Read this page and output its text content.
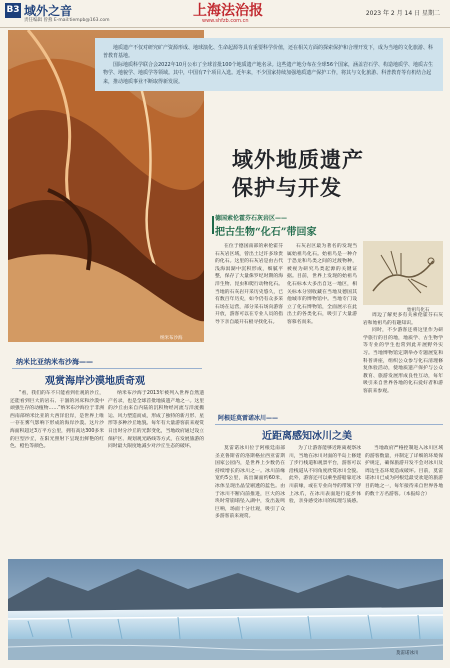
B3 域外之音
责任编辑 曾燕 E-mail:tiempb@163.com
上海法治报
www.shfzb.com.cn
2023 年 2 月 14 日 星期二
纳米布沙海

地质遗产不仅对研究矿产资源形成、地球演化、生命起源等具有重要科学价值，还在相关方面的探索保护和合理开发下，成为当地的文化旅游、科普教育基地。

国际地质科学联合会2022年10月公布了全球首批100个地质遗产地名录。这些遗产地分布在全球56个国家，涵盖岩石学、构造地质学、地质古生物学、地貌学、地质学等领域。其中，中国有7个项目入选。近年来，不少国家持续加强地质遗产保护工作，将其与文化旅游、科普教育等有机结合起来，推动地质事业不断取得新发展。

域外地质遗产
保护与开发
德国索伦霍芬石灰岩区——
把古生物“化石”带回家

在位于德国南部的索伦霍芬石灰岩区域，曾出土过许多珍贵的化石。这里的石灰岩是由古代浅海潟湖中沉积形成，细腻平整，保存了大量侏罗纪时期的海洋生物、昆虫和爬行动物化石。当地的石灰岩开采历史悠久，已有数百年历史，如今仍有众多采石场在运营，部分采石场向游客开放，游客可以在专业人员的指导下亲自敲开石板寻找化石。

石灰岩区最为著名的发现当属始祖鸟化石。始祖鸟是一种介于恐龙和鸟类之间的过渡物种，被视为研究鸟类起源的关键证据。目前，世界上发现的始祖鸟化石标本大多出自这一地区，相关标本分别收藏在当地及德国其他城市的博物馆中。当地专门设立了化石博物馆，全面展示在此出土的各类化石，吸引了大量游客慕名而来。

始祖鸟化石

周边了解更多有关索伦霍芬石灰岩和始祖鸟的有趣知识。

同时，不少游客还将这里作为研学旅行的目的地，地质学、古生物学等专业的学生也常到此开展野外实习。当地博物馆定期举办专题展览和科普讲座，组织公众参与化石清理修复体验活动，使地质遗产保护与公众教育、旅游发展形成良性互动，每年吸引来自世界各地的化石爱好者和游客前来参观。

纳米比亚纳米布沙海——
观赏海岸沙漠地质奇观

“看，我们的车不只能看到壮观的沙丘，还能看到巨大的岩石、干涸的河床和沙漠中顽强生存的动植物……”纳米布沙海位于非洲西南部纳米比亚的大西洋沿岸，是世界上唯一存在雾气影响下形成的海岸沙漠。这片沙海面积超过3万平方公里，拥有高达300多米的巨型沙丘，在阳光照射下呈现出鲜艳的红色、橙色等颜色。

纳米布沙海于2013年被列入世界自然遗产名录，也是全球首批地质遗产地之一。这里的沙丘由来自内陆的沉积物经河流与洋流搬运、风力塑造而成，形成了独特的新月形、星形等多种沙丘地貌。每年有大量游客前来观赏日出时分沙丘的光影变化，当地政府通过设立保护区、规划观光路线等方式，在发展旅游的同时最大限度地减少对沙丘生态的破坏。

阿根廷莫雷诺冰川——
近距离感知冰川之美

莫雷诺冰川位于阿根廷南部圣克鲁斯省的洛斯格拉西亚雷斯国家公园内，是世界上少数仍在持续增长的冰川之一。冰川前缘宽约5公里，高出湖面约60米，冰体呈现出晶莹剔透的蓝色。由于冰川不断向前推进，巨大的冰块时常崩塌坠入湖中，发出轰鸣巨响，场面十分壮观，吸引了众多游客前来观赏。

为了让游客能够近距离观察冰川，当地在冰川对面的半岛上修建了步行栈道和观景平台，游客可以沿栈道从不同角度欣赏冰川全貌。此外，游客还可以乘坐游船靠近冰川前缘，或在专业向导的带领下穿上冰爪，在冰川表面进行徒步体验，亲身感受冰川的纹理与质感。

当地政府严格控制进入冰川区域的游客数量，并制定了详细的环境保护规定，确保旅游开发不会对冰川及周边生态环境造成破坏。目前，莫雷诺冰川已成为阿根廷最受欢迎的旅游目的地之一，每年接待来自世界各地的数十万名游客。（本报综合）

莫雷诺冰川
